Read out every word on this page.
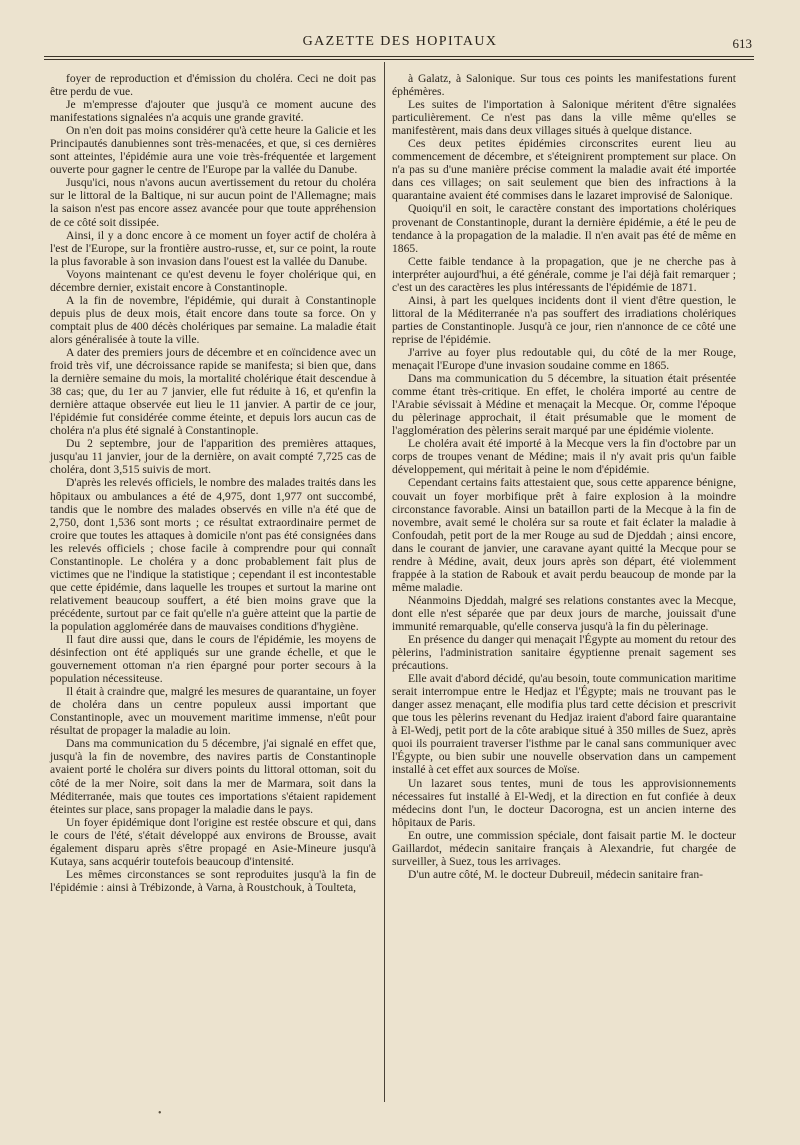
GAZETTE DES HOPITAUX	613

foyer de reproduction et d'émission du choléra. Ceci ne doit pas être perdu de vue.

Je m'empresse d'ajouter que jusqu'à ce moment aucune des manifestations signalées n'a acquis une grande gravité.

On n'en doit pas moins considérer qu'à cette heure la Galicie et les Principautés danubiennes sont très-menacées, et que, si ces dernières sont atteintes, l'épidémie aura une voie très-fréquentée et largement ouverte pour gagner le centre de l'Europe par la vallée du Danube.

Jusqu'ici, nous n'avons aucun avertissement du retour du choléra sur le littoral de la Baltique, ni sur aucun point de l'Allemagne; mais la saison n'est pas encore assez avancée pour que toute appréhension de ce côté soit dissipée.

Ainsi, il y a donc encore à ce moment un foyer actif de choléra à l'est de l'Europe, sur la frontière austro-russe, et, sur ce point, la route la plus favorable à son invasion dans l'ouest est la vallée du Danube.

Voyons maintenant ce qu'est devenu le foyer cholérique qui, en décembre dernier, existait encore à Constantinople.

A la fin de novembre, l'épidémie, qui durait à Constantinople depuis plus de deux mois, était encore dans toute sa force. On y comptait plus de 400 décès cholériques par semaine. La maladie était alors généralisée à toute la ville.

A dater des premiers jours de décembre et en coïncidence avec un froid très vif, une décroissance rapide se manifesta; si bien que, dans la dernière semaine du mois, la mortalité cholérique était descendue à 38 cas; que, du 1er au 7 janvier, elle fut réduite à 16, et qu'enfin la dernière attaque observée eut lieu le 11 janvier. A partir de ce jour, l'épidémie fut considérée comme éteinte, et depuis lors aucun cas de choléra n'a plus été signalé à Constantinople.

Du 2 septembre, jour de l'apparition des premières attaques, jusqu'au 11 janvier, jour de la dernière, on avait compté 7,725 cas de choléra, dont 3,515 suivis de mort.

D'après les relevés officiels, le nombre des malades traités dans les hôpitaux ou ambulances a été de 4,975, dont 1,977 ont succombé, tandis que le nombre des malades observés en ville n'a été que de 2,750, dont 1,536 sont morts ; ce résultat extraordinaire permet de croire que toutes les attaques à domicile n'ont pas été consignées dans les relevés officiels ; chose facile à comprendre pour qui connaît Constantinople. Le choléra y a donc probablement fait plus de victimes que ne l'indique la statistique ; cependant il est incontestable que cette épidémie, dans laquelle les troupes et surtout la marine ont relativement beaucoup souffert, a été bien moins grave que la précédente, surtout par ce fait qu'elle n'a guère atteint que la partie de la population agglomérée dans de mauvaises conditions d'hygiène.

Il faut dire aussi que, dans le cours de l'épidémie, les moyens de désinfection ont été appliqués sur une grande échelle, et que le gouvernement ottoman n'a rien épargné pour porter secours à la population nécessiteuse.

Il était à craindre que, malgré les mesures de quarantaine, un foyer de choléra dans un centre populeux aussi important que Constantinople, avec un mouvement maritime immense, n'eût pour résultat de propager la maladie au loin.

Dans ma communication du 5 décembre, j'ai signalé en effet que, jusqu'à la fin de novembre, des navires partis de Constantinople avaient porté le choléra sur divers points du littoral ottoman, soit du côté de la mer Noire, soit dans la mer de Marmara, soit dans la Méditerranée, mais que toutes ces importations s'étaient rapidement éteintes sur place, sans propager la maladie dans le pays.

Un foyer épidémique dont l'origine est restée obscure et qui, dans le cours de l'été, s'était développé aux environs de Brousse, avait également disparu après s'être propagé en Asie-Mineure jusqu'à Kutaya, sans acquérir toutefois beaucoup d'intensité.

Les mêmes circonstances se sont reproduites jusqu'à la fin de l'épidémie : ainsi à Trébizonde, à Varna, à Roustchouk, à Toulteta,

à Galatz, à Salonique. Sur tous ces points les manifestations furent éphémères.

Les suites de l'importation à Salonique méritent d'être signalées particulièrement. Ce n'est pas dans la ville même qu'elles se manifestèrent, mais dans deux villages situés à quelque distance.

Ces deux petites épidémies circonscrites eurent lieu au commencement de décembre, et s'éteignirent promptement sur place. On n'a pas su d'une manière précise comment la maladie avait été importée dans ces villages; on sait seulement que bien des infractions à la quarantaine avaient été commises dans le lazaret improvisé de Salonique.

Quoiqu'il en soit, le caractère constant des importations cholériques provenant de Constantinople, durant la dernière épidémie, a été le peu de tendance à la propagation de la maladie. Il n'en avait pas été de même en 1865.

Cette faible tendance à la propagation, que je ne cherche pas à interpréter aujourd'hui, a été générale, comme je l'ai déjà fait remarquer ; c'est un des caractères les plus intéressants de l'épidémie de 1871.

Ainsi, à part les quelques incidents dont il vient d'être question, le littoral de la Méditerranée n'a pas souffert des irradiations cholériques parties de Constantinople. Jusqu'à ce jour, rien n'annonce de ce côté une reprise de l'épidémie.

J'arrive au foyer plus redoutable qui, du côté de la mer Rouge, menaçait l'Europe d'une invasion soudaine comme en 1865.

Dans ma communication du 5 décembre, la situation était présentée comme étant très-critique. En effet, le choléra importé au centre de l'Arabie sévissait à Médine et menaçait la Mecque. Or, comme l'époque du pèlerinage approchait, il était présumable que le moment de l'agglomération des pèlerins serait marqué par une épidémie violente.

Le choléra avait été importé à la Mecque vers la fin d'octobre par un corps de troupes venant de Médine; mais il n'y avait pris qu'un faible développement, qui méritait à peine le nom d'épidémie.

Cependant certains faits attestaient que, sous cette apparence bénigne, couvait un foyer morbifique prêt à faire explosion à la moindre circonstance favorable. Ainsi un bataillon parti de la Mecque à la fin de novembre, avait semé le choléra sur sa route et fait éclater la maladie à Confoudah, petit port de la mer Rouge au sud de Djeddah ; ainsi encore, dans le courant de janvier, une caravane ayant quitté la Mecque pour se rendre à Médine, avait, deux jours après son départ, été violemment frappée à la station de Rabouk et avait perdu beaucoup de monde par la même maladie.

Néanmoins Djeddah, malgré ses relations constantes avec la Mecque, dont elle n'est séparée que par deux jours de marche, jouissait d'une immunité remarquable, qu'elle conserva jusqu'à la fin du pèlerinage.

En présence du danger qui menaçait l'Égypte au moment du retour des pèlerins, l'administration sanitaire égyptienne prenait sagement ses précautions.

Elle avait d'abord décidé, qu'au besoin, toute communication maritime serait interrompue entre le Hedjaz et l'Égypte; mais ne trouvant pas le danger assez menaçant, elle modifia plus tard cette décision et prescrivit que tous les pèlerins revenant du Hedjaz iraient d'abord faire quarantaine à El-Wedj, petit port de la côte arabique situé à 350 milles de Suez, après quoi ils pourraient traverser l'isthme par le canal sans communiquer avec l'Égypte, ou bien subir une nouvelle observation dans un campement installé à cet effet aux sources de Moïse.

Un lazaret sous tentes, muni de tous les approvisionnements nécessaires fut installé à El-Wedj, et la direction en fut confiée à deux médecins dont l'un, le docteur Dacorogna, est un ancien interne des hôpitaux de Paris.

En outre, une commission spéciale, dont faisait partie M. le docteur Gaillardot, médecin sanitaire français à Alexandrie, fut chargée de surveiller, à Suez, tous les arrivages.

D'un autre côté, M. le docteur Dubreuil, médecin sanitaire fran-

•
